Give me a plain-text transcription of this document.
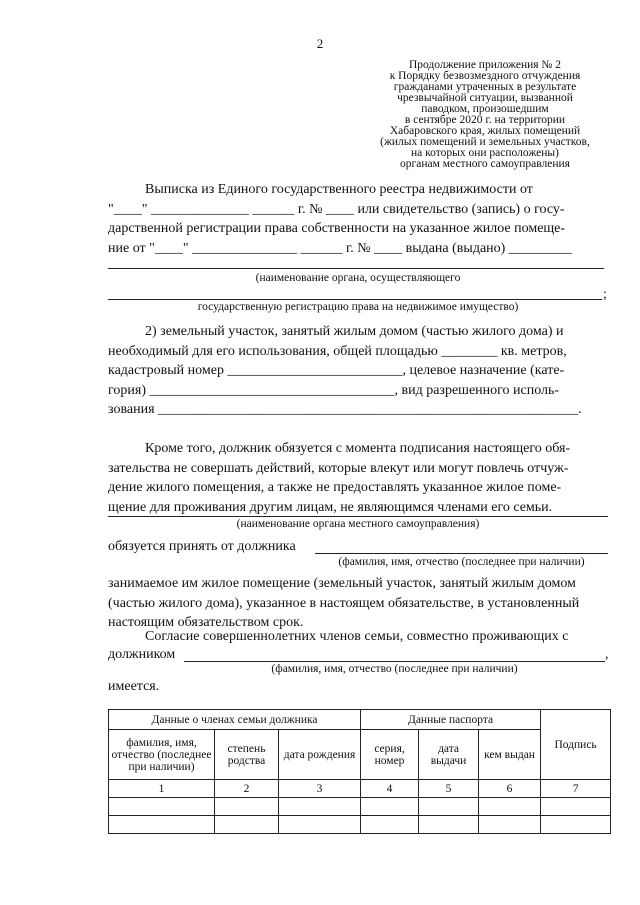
2
Продолжение приложения № 2
к Порядку безвозмездного отчуждения
гражданами утраченных в результате
чрезвычайной ситуации, вызванной
паводком, произошедшим
в сентябре 2020 г. на территории
Хабаровского края, жилых помещений
(жилых помещений и земельных участков,
на которых они расположены)
органам местного самоуправления
Выписка из Единого государственного реестра недвижимости от
"____" ______________ ______ г. № ____ или свидетельство (запись) о госу-
дарственной регистрации права собственности на указанное жилое помеще-
ние от "____" _______________ ______ г. № ____ выдана (выдано) _________
(наименование органа, осуществляющего
;
государственную регистрацию права на недвижимое имущество)
2) земельный участок, занятый жилым домом (частью жилого дома) и
необходимый для его использования, общей площадью ________ кв. метров,
кадастровый номер _________________________, целевое назначение (кате-
гория) ___________________________________, вид разрешенного исполь-
зования ____________________________________________________________.
Кроме того, должник обязуется с момента подписания настоящего обя-
зательства не совершать действий, которые влекут или могут повлечь отчуж-
дение жилого помещения, а также не предоставлять указанное жилое поме-
щение для проживания другим лицам, не являющимся членами его семьи.
(наименование органа местного самоуправления)
обязуется принять от должника
(фамилия, имя, отчество (последнее при наличии)
занимаемое им жилое помещение (земельный участок, занятый жилым домом
(частью жилого дома), указанное в настоящем обязательстве, в установленный
настоящим обязательством срок.
Согласие совершеннолетних членов семьи, совместно проживающих с
должником	,
(фамилия, имя, отчество (последнее при наличии)
имеется.
Данные о членах семьи должника			Данные паспорта			Подпись
фамилия, имя, отчество (последнее при наличии)	степень родства	дата рождения	серия, номер	дата выдачи	кем выдан	
1	2	3	4	5	6	7
